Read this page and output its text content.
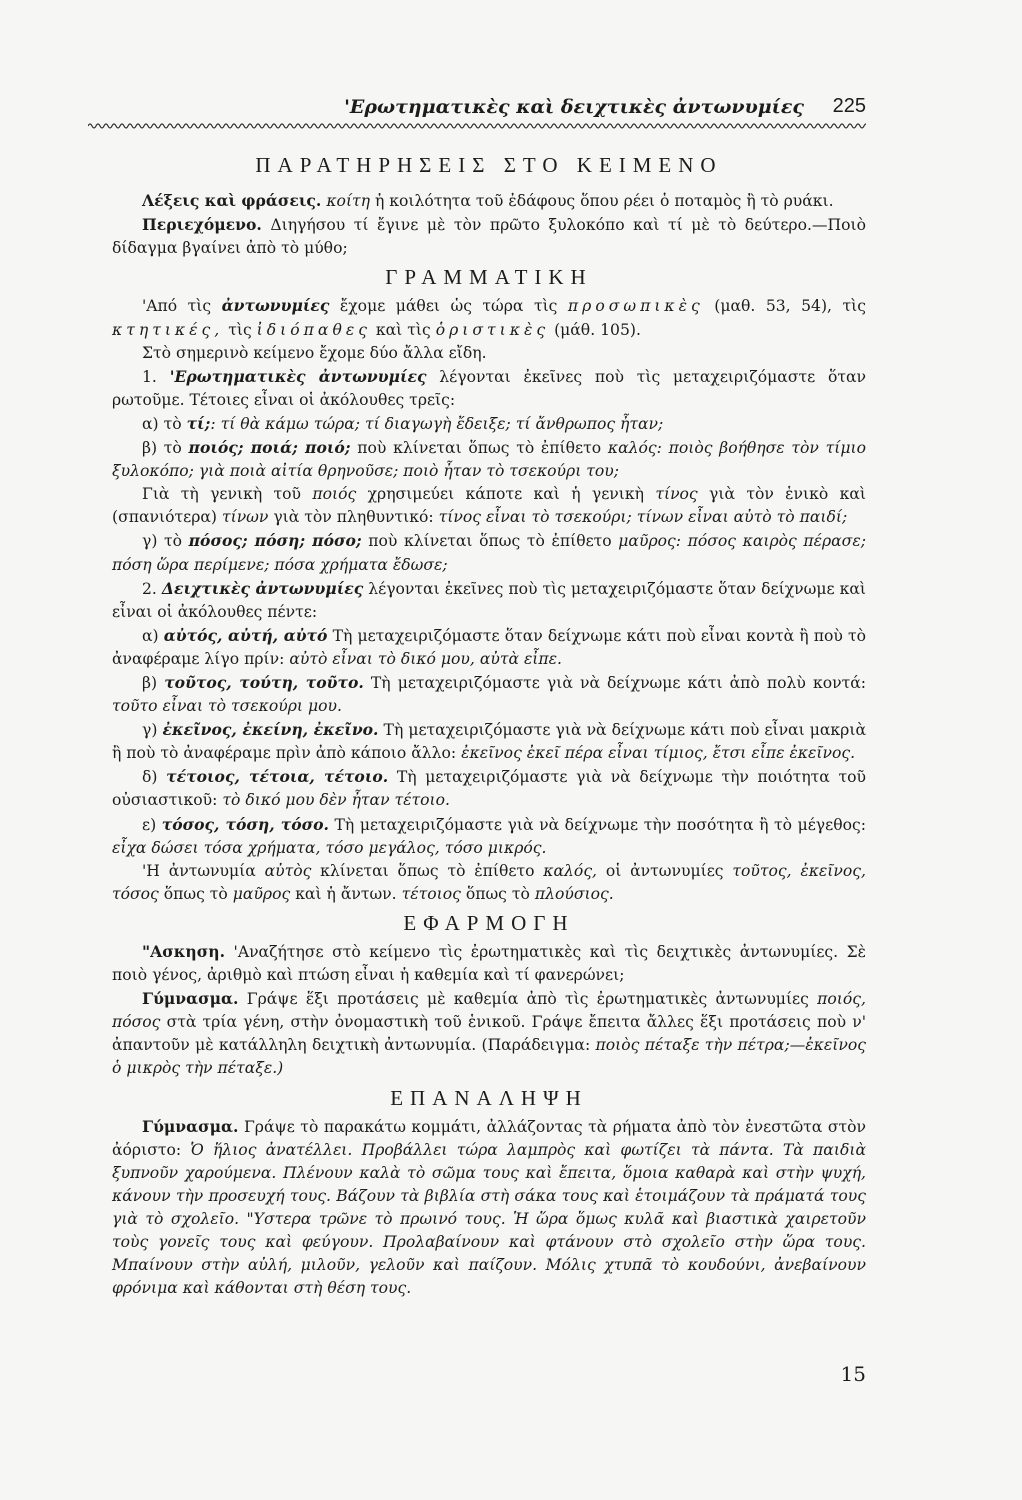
'Ερωτηματικὲς καὶ δειχτικὲς ἀντωνυμίες 225
ΠΑΡΑΤΗΡΗΣΕΙΣ ΣΤΟ ΚΕΙΜΕΝΟ

Λέξεις καὶ φράσεις. κοίτη ἡ κοιλότητα τοῦ ἐδάφους ὅπου ρέει ὁ ποταμὸς ἢ τὸ ρυάκι.

Περιεχόμενο. Διηγήσου τί ἔγινε μὲ τὸν πρῶτο ξυλοκόπο καὶ τί μὲ τὸ δεύτερο.—Ποιὸ δίδαγμα βγαίνει ἀπὸ τὸ μύθο;

ΓΡΑΜΜΑΤΙΚΗ

'Από τὶς ἀντωνυμίες ἔχομε μάθει ὡς τώρα τὶς προσωπικὲς (μαθ. 53, 54), τὶς κτητικές, τὶς ἰδιόπαθες καὶ τὶς ὁριστικὲς (μάθ. 105).

Στὸ σημερινὸ κείμενο ἔχομε δύο ἄλλα εἴδη.

1. 'Ερωτηματικὲς ἀντωνυμίες λέγονται ἐκεῖνες ποὺ τὶς μεταχειριζόμαστε ὅταν ρωτοῦμε. Τέτοιες εἶναι οἱ ἀκόλουθες τρεῖς:

α) τὸ τί;: τί θὰ κάμω τώρα; τί διαγωγὴ ἔδειξε; τί ἄνθρωπος ἦταν;

β) τὸ ποιός; ποιά; ποιό; ποὺ κλίνεται ὅπως τὸ ἐπίθετο καλός: ποιὸς βοήθησε τὸν τίμιο ξυλοκόπο; γιὰ ποιὰ αἰτία θρηνοῦσε; ποιὸ ἦταν τὸ τσεκούρι του;

Γιὰ τὴ γενικὴ τοῦ ποιός χρησιμεύει κάποτε καὶ ἡ γενικὴ τίνος γιὰ τὸν ἑνικὸ καὶ (σπανιότερα) τίνων γιὰ τὸν πληθυντικό: τίνος εἶναι τὸ τσεκούρι; τίνων εἶναι αὐτὸ τὸ παιδί;

γ) τὸ πόσος; πόση; πόσο; ποὺ κλίνεται ὅπως τὸ ἐπίθετο μαῦρος: πόσος καιρὸς πέρασε; πόση ὥρα περίμενε; πόσα χρήματα ἔδωσε;

2. Δειχτικὲς ἀντωνυμίες λέγονται ἐκεῖνες ποὺ τὶς μεταχειριζόμαστε ὅταν δείχνωμε καὶ εἶναι οἱ ἀκόλουθες πέντε:

α) αὐτός, αὐτή, αὐτό Τὴ μεταχειριζόμαστε ὅταν δείχνωμε κάτι ποὺ εἶναι κοντὰ ἢ ποὺ τὸ ἀναφέραμε λίγο πρίν: αὐτὸ εἶναι τὸ δικό μου, αὐτὰ εἶπε.

β) τοῦτος, τούτη, τοῦτο. Τὴ μεταχειριζόμαστε γιὰ νὰ δείχνωμε κάτι ἀπὸ πολὺ κοντά: τοῦτο εἶναι τὸ τσεκούρι μου.

γ) ἐκεῖνος, ἐκείνη, ἐκεῖνο. Τὴ μεταχειριζόμαστε γιὰ νὰ δείχνωμε κάτι ποὺ εἶναι μακριὰ ἢ ποὺ τὸ ἀναφέραμε πρὶν ἀπὸ κάποιο ἄλλο: ἐκεῖνος ἐκεῖ πέρα εἶναι τίμιος, ἔτσι εἶπε ἐκεῖνος.

δ) τέτοιος, τέτοια, τέτοιο. Τὴ μεταχειριζόμαστε γιὰ νὰ δείχνωμε τὴν ποιότητα τοῦ οὐσιαστικοῦ: τὸ δικό μου δὲν ἦταν τέτοιο.

ε) τόσος, τόση, τόσο. Τὴ μεταχειριζόμαστε γιὰ νὰ δείχνωμε τὴν ποσότητα ἢ τὸ μέγεθος: εἶχα δώσει τόσα χρήματα, τόσο μεγάλος, τόσο μικρός.

'Η ἀντωνυμία αὐτὸς κλίνεται ὅπως τὸ ἐπίθετο καλός, οἱ ἀντωνυμίες τοῦτος, ἐκεῖνος, τόσος ὅπως τὸ μαῦρος καὶ ἡ ἄντων. τέτοιος ὅπως τὸ πλούσιος.

ΕΦΑΡΜΟΓΗ

"Ασκηση. 'Αναζήτησε στὸ κείμενο τὶς ἐρωτηματικὲς καὶ τὶς δειχτικὲς ἀντωνυμίες. Σὲ ποιὸ γένος, ἀριθμὸ καὶ πτώση εἶναι ἡ καθεμία καὶ τί φανερώνει;

Γύμνασμα. Γράψε ἕξι προτάσεις μὲ καθεμία ἀπὸ τὶς ἐρωτηματικὲς ἀντωνυμίες ποιός, πόσος στὰ τρία γένη, στὴν ὀνομαστικὴ τοῦ ἑνικοῦ. Γράψε ἔπειτα ἄλλες ἕξι προτάσεις ποὺ ν' ἀπαντοῦν μὲ κατάλληλη δειχτικὴ ἀντωνυμία. (Παράδειγμα: ποιὸς πέταξε τὴν πέτρα;—ἐκεῖνος ὁ μικρὸς τὴν πέταξε.)

ΕΠΑΝΑΛΗΨΗ

Γύμνασμα. Γράψε τὸ παρακάτω κομμάτι, ἀλλάζοντας τὰ ρήματα ἀπὸ τὸν ἐνεστῶτα στὸν ἀόριστο: Ὁ ἥλιος ἀνατέλλει. Προβάλλει τώρα λαμπρὸς καὶ φωτίζει τὰ πάντα. Τὰ παιδιὰ ξυπνοῦν χαρούμενα. Πλένουν καλὰ τὸ σῶμα τους καὶ ἔπειτα, ὅμοια καθαρὰ καὶ στὴν ψυχή, κάνουν τὴν προσευχή τους. Βάζουν τὰ βιβλία στὴ σάκα τους καὶ ἑτοιμάζουν τὰ πράματά τους γιὰ τὸ σχολεῖο. "Υστερα τρῶνε τὸ πρωινό τους. Ἡ ὥρα ὅμως κυλᾶ καὶ βιαστικὰ χαιρετοῦν τοὺς γονεῖς τους καὶ φεύγουν. Προλαβαίνουν καὶ φτάνουν στὸ σχολεῖο στὴν ὥρα τους. Μπαίνουν στὴν αὐλή, μιλοῦν, γελοῦν καὶ παίζουν. Μόλις χτυπᾶ τὸ κουδούνι, ἀνεβαίνουν φρόνιμα καὶ κάθονται στὴ θέση τους.

15
